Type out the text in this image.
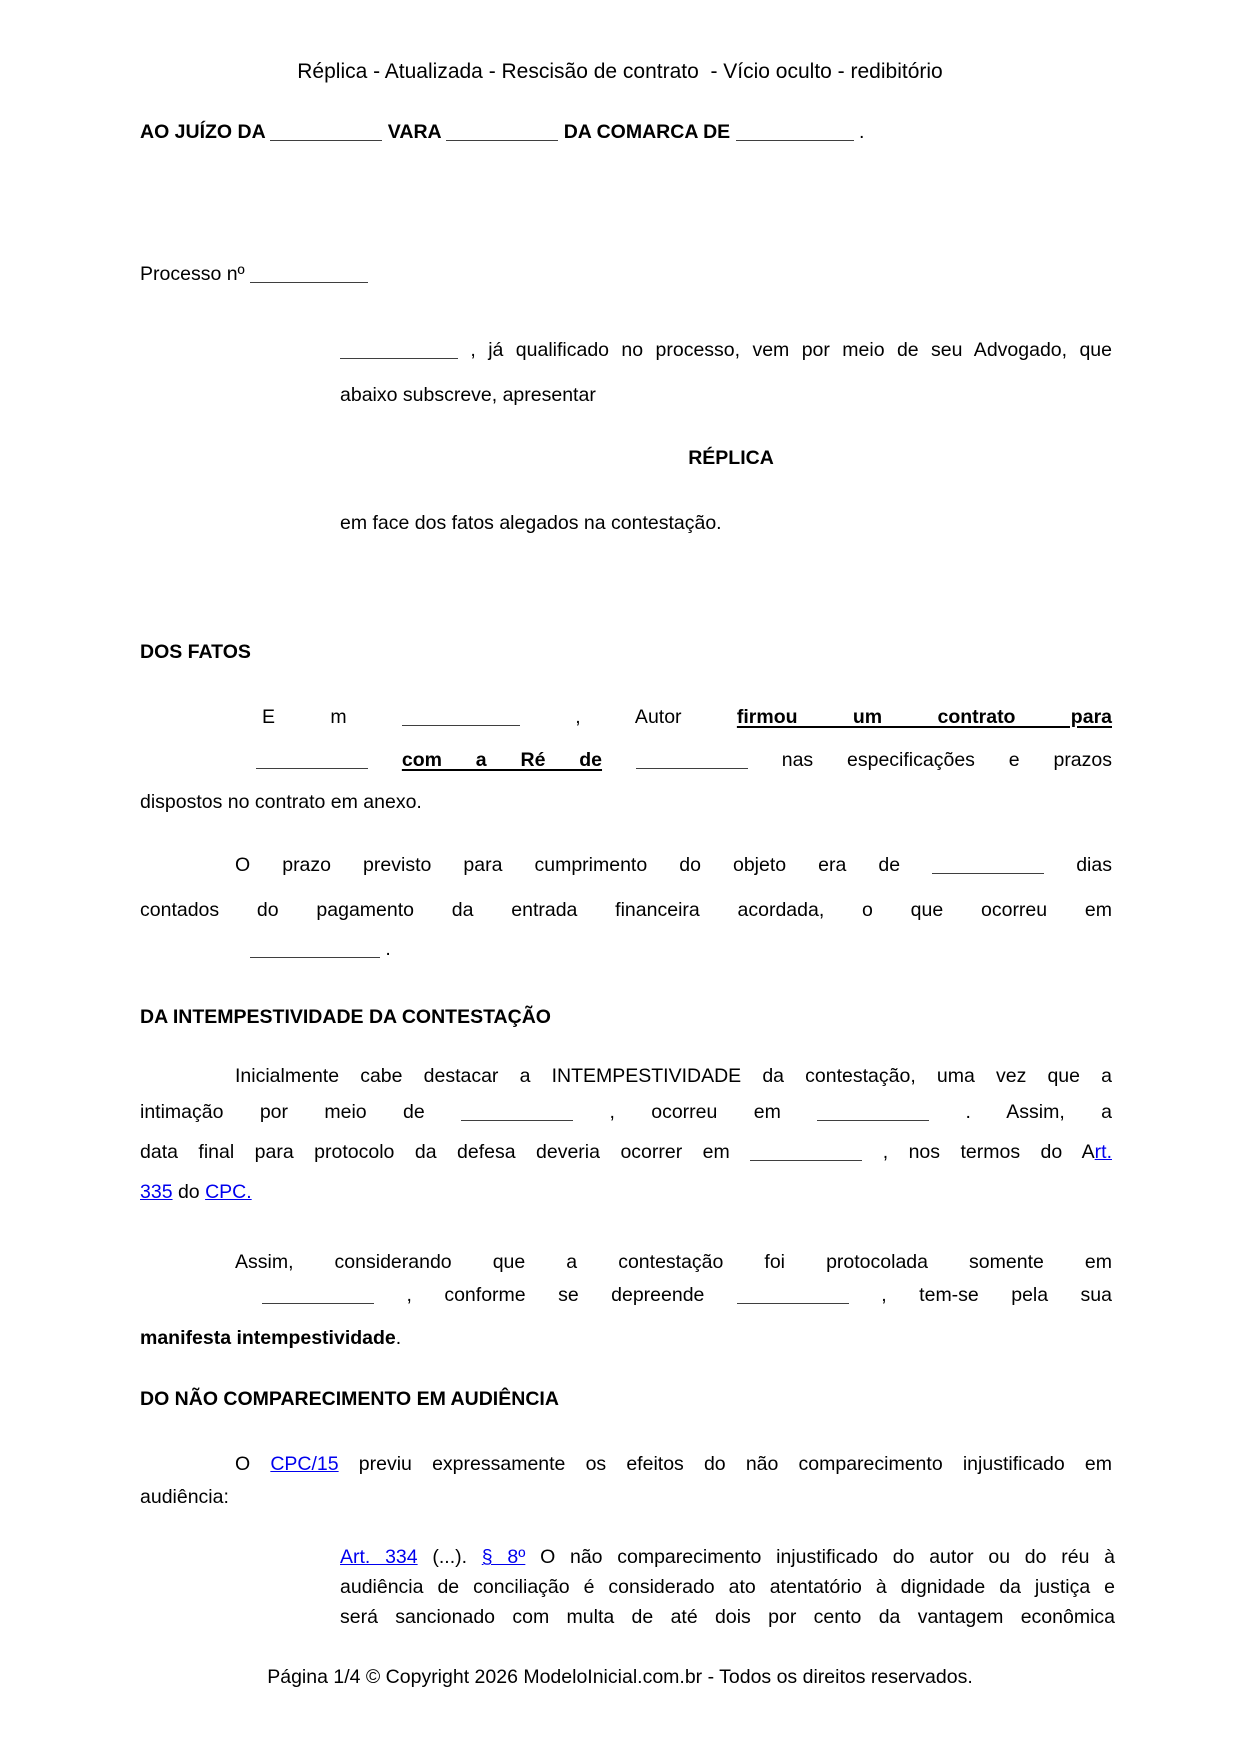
Réplica - Atualizada - Rescisão de contrato  - Vício oculto - redibitório
AO JUÍZO DA	VARA	DA COMARCA DE	.
Processo nº
, já qualificado no processo, vem por meio de seu Advogado, que
abaixo subscreve, apresentar
RÉPLICA
em face dos fatos alegados na contestação.
DOS FATOS
E m	, Autor firmou um contrato para
com a Ré de	nas especificações e prazos
dispostos no contrato em anexo.
O prazo previsto para cumprimento do objeto era de	dias
contados do pagamento da entrada financeira acordada, o que ocorreu em
.
DA INTEMPESTIVIDADE DA CONTESTAÇÃO
Inicialmente cabe destacar a INTEMPESTIVIDADE da contestação, uma vez que a
intimação por meio de	, ocorreu em	. Assim, a
data final para protocolo da defesa deveria ocorrer em	, nos termos do Art.
335 do CPC.
Assim, considerando que a contestação foi protocolada somente em
, conforme se depreende	, tem-se pela sua
manifesta intempestividade.
DO NÃO COMPARECIMENTO EM AUDIÊNCIA
O CPC/15 previu expressamente os efeitos do não comparecimento injustificado em
audiência:
Art. 334 (...). § 8º O não comparecimento injustificado do autor ou do réu à
audiência de conciliação é considerado ato atentatório à dignidade da justiça e
será sancionado com multa de até dois por cento da vantagem econômica
Página 1/4 © Copyright 2026 ModeloInicial.com.br - Todos os direitos reservados.
